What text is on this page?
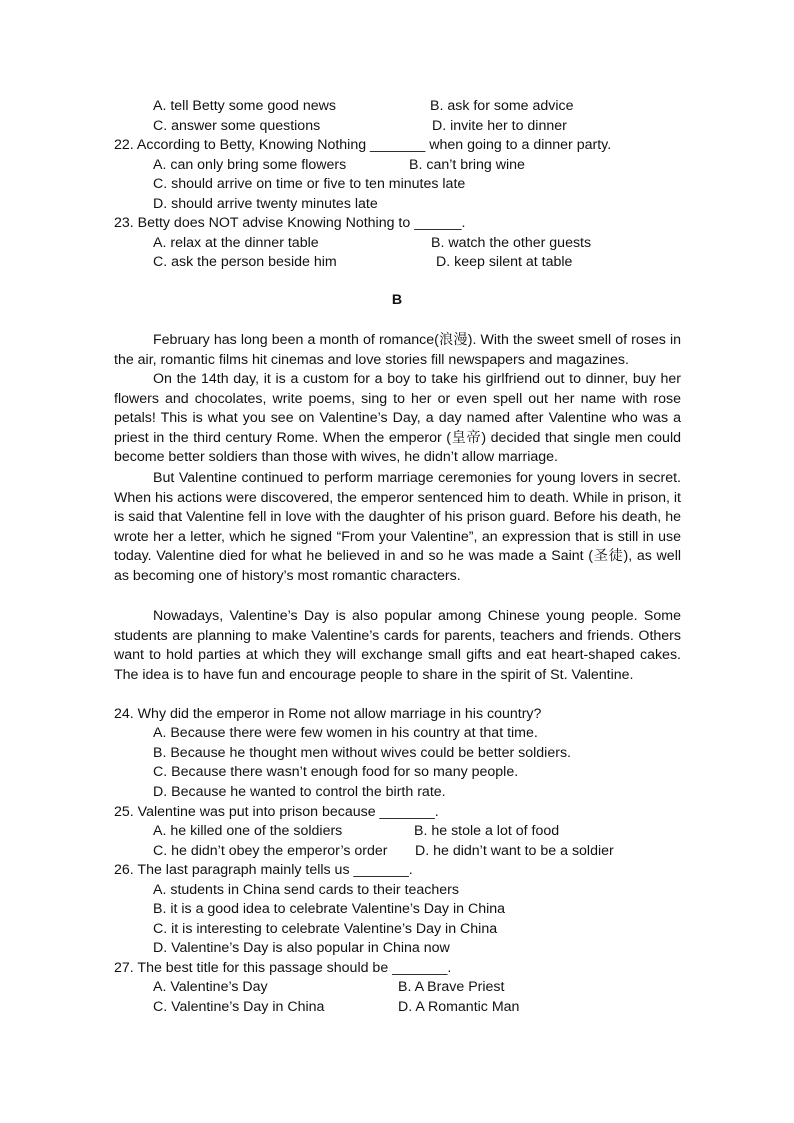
A. tell Betty some good news	B. ask for some advice
C. answer some questions	D. invite her to dinner
22. According to Betty, Knowing Nothing _______ when going to a dinner party.
A. can only bring some flowers	B. can’t bring wine
C. should arrive on time or five to ten minutes late
D. should arrive twenty minutes late
23. Betty does NOT advise Knowing Nothing to ______.
A. relax at the dinner table	B. watch the other guests
C. ask the person beside him	D. keep silent at table
B

February has long been a month of romance(浪漫). With the sweet smell of roses in the air, romantic films hit cinemas and love stories fill newspapers and magazines.

On the 14th day, it is a custom for a boy to take his girlfriend out to dinner, buy her flowers and chocolates, write poems, sing to her or even spell out her name with rose petals! This is what you see on Valentine’s Day, a day named after Valentine who was a priest in the third century Rome. When the emperor (皇帝) decided that single men could become better soldiers than those with wives, he didn’t allow marriage.

But Valentine continued to perform marriage ceremonies for young lovers in secret. When his actions were discovered, the emperor sentenced him to death. While in prison, it is said that Valentine fell in love with the daughter of his prison guard. Before his death, he wrote her a letter, which he signed “From your Valentine”, an expression that is still in use today. Valentine died for what he believed in and so he was made a Saint (圣徒), as well as becoming one of history’s most romantic characters.

Nowadays, Valentine’s Day is also popular among Chinese young people. Some students are planning to make Valentine’s cards for parents, teachers and friends. Others want to hold parties at which they will exchange small gifts and eat heart-shaped cakes. The idea is to have fun and encourage people to share in the spirit of St. Valentine.

24. Why did the emperor in Rome not allow marriage in his country?
A. Because there were few women in his country at that time.
B. Because he thought men without wives could be better soldiers.
C. Because there wasn’t enough food for so many people.
D. Because he wanted to control the birth rate.
25. Valentine was put into prison because _______.
A. he killed one of the soldiers	B. he stole a lot of food
C. he didn’t obey the emperor’s order D. he didn’t want to be a soldier
26. The last paragraph mainly tells us _______.
A. students in China send cards to their teachers
B. it is a good idea to celebrate Valentine’s Day in China
C. it is interesting to celebrate Valentine’s Day in China
D. Valentine’s Day is also popular in China now
27. The best title for this passage should be _______.
A. Valentine’s Day	B. A Brave Priest
C. Valentine’s Day in China	D. A Romantic Man
